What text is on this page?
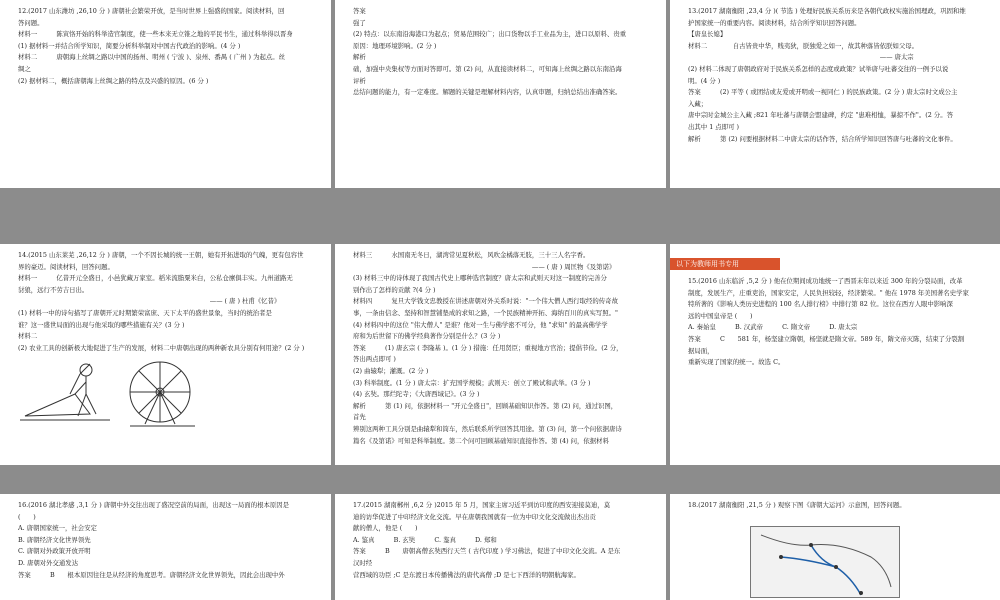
12.(2017 山东潍坊 ,26,10 分 ) 唐朝社会繁荣开放，是当时世界上强盛的国家。阅读材料，回
答问题。
材料一　　　陈寅恪开始的科举造官制度，使一些本来无立锥之地的平民书生，通过科举得以晋身
(1) 据材料一并结合所学知识，简要分析科举制对中国古代政治的影响。(4 分 )
材料二　　　唐朝海上丝绸之路以中国的扬州、明州 ( 宁波 )、泉州、番禺 ( 广州 ) 为起点。丝
绸之
(2) 据材料二，概括唐朝海上丝绸之路的特点及兴盛的原因。(6 分 )
答案
强了
(2) 特点：以东南沿海港口为起点；贸易范围较广；出口货物以手工业品为主，进口以原料、贵重
原因：地理环境影响。(2 分 )
解析
础，加强中央集权等方面对答即可。第 (2) 问，从直接读材料二，可知海上丝绸之路以东南沿海
评析
总结问题的能力，有一定难度。解题的关键是理解材料内容，认真审题，归纳总结出准确答案。
13.(2017 湖南衡阳 ,23,4 分 )( 节选 ) 处理好民族关系历来是各朝代政权实施治国理政，巩固和维
护国家统一的重要内容。阅读材料，结合所学知识回答问题。
【唐皇长媳】
材料二　　　　自古皆贵中华，贱夷狄，朕独爱之如一，故其种落皆依朕如父母。
　　　　　　　　　　　　　　　　　　　　　　　　　　　　　　—— 唐太宗
(2) 材料二体现了唐朝政府对于民族关系怎样的态度或政策？试举唐与吐蕃交往的一例予以说
明。(4 分 )
答案　　　(2) 平等 ( 或团结或友爱或开明或一视同仁 ) 的民族政策。(2 分 ) 唐太宗时文成公主
入藏；
唐中宗时金城公主入藏 ;821 年吐蕃与唐朝会盟建碑，约定 "患难相恤，暴掠不作"。(2 分。答
出其中 1 点即可 )
解析　　　第 (2) 问要根据材料二中唐太宗的话作答，结合所学知识回答唐与吐蕃的文化事件。
14.(2015 山东莱芜 ,26,12 分 ) 唐朝，一个不因长城的统一王朝，她有开拓进取的气魄，更有包容世
界的豪迈。阅读材料，回答问题。
材料一　　　亿昔开元全盛日，小邑犹藏万家室。稻米流脂粟米白，公私仓廪俱丰实。九州道路无
豺狼，远行不劳吉日出。
　　　　　　　　　　　　　　　　　　　　　　　　　　　　　　—— ( 唐 ) 杜甫《忆昔》
(1) 材料一中的诗句描写了唐朝开元时期繁荣富庶、天下太平的盛世景象，当时的统治者是
谁？这一盛世局面的出现与他采取的哪些措施有关？(3 分 )
材料二
(2) 农业工具的创新极大地促进了生产的发展，材料二中唐朝出现的两种新农具分别有何用途？(2 分 )
材料三　　　水国南无冬日，湖湾常见夏秋松，风吹金橘落无肢，三十三人名字香。
　　　　　　　　　　　　　　　　　　　　　　　　　　　　—— ( 唐 ) 周匡物《及第诺》
(3) 材料三中的诗体现了我国古代史上哪种选官制度？唐太宗和武则天对这一制度的完善分
别作出了怎样的贡献 ?(4 分 )
材料四　　　复旦大学钱文忠教授在讲述唐朝对外关系时说："一个伟大僧人西行取经的传奇故
事，一条由信念、坚持和智慧铺垫成的求知之路，一个民族精神开拓、海纳百川的真实写照。"
(4) 材料四中的这位 "伟大僧人" 是谁？他对一生与佛学密不可分，他 "求知" 的最高佛学学
府和为后世留下的佛学经典著作分别是什么？(3 分 )
答案　　　(1) 唐玄宗 ( 李隆基 )。(1 分 ) 措施：任用贤臣；重视地方官治；提倡节俭。(2 分，
答出两点即可 )
(2) 曲辕犁；灌溉。(2 分 )
(3) 科举制度。(1 分 ) 唐太宗：扩充国学规模；武则天：创立了殿试和武举。(3 分 )
(4) 玄奘。那烂陀寺；《大唐西域记》。(3 分 )
解析　　　第 (1) 问，依据材料一 "开元全盛日"，回顾基础知识作答。第 (2) 问，通过识图，
首先
辨别这两种工具分别是曲辕犁和筒车，然后联系所学回答其用途。第 (3) 问，第一个问依据唐诗
篇名《及第诺》可知是科举制度。第二个问可回顾基础知识直接作答。第 (4) 问，依据材料
以下为教师用书专用
15.(2016 山东临沂 ,5,2 分 ) 他在位期间成功地统一了西晋末年以来近 300 年的分裂局面，改革
制度，发展生产，庄重吏治，国家安定，人民负担较轻，经济繁荣。" 他在 1978 年美国著名史学家
特所著的《影响人类历史进程的 100 名人排行榜》中排行第 82 位。这位在西方人眼中影响深
远的中国皇帝是 (　　)
A. 秦始皇　　　B. 汉武帝　　　C. 隋文帝　　　D. 唐太宗
答案　　　C　　581 年，杨坚建立隋朝，杨坚就是隋文帝。589 年，隋文帝灭陈，结束了分裂割
据局面，
重新实现了国家的统一。故选 C。
16.(2016 湖北孝感 ,3,1 分 ) 唐朝中外交往出现了盛况空前的局面，出现这一局面的根本原因是
(　　)
A. 唐朝国家统一，社会安定
B. 唐朝经济文化世界领先
C. 唐朝对外政策开放开明
D. 唐朝对外交通发达
答案　　　B　　根本原因往往是从经济的角度思考。唐朝经济文化世界领先，因此会出现中外
17.(2015 湖南郴州 ,6,2 分 )2015 年 5 月，国家主席习近平到访印度的西安迎接莫迪，莫
迪的访华促进了中印经济文化交流。早在唐朝我国就有一位为中印文化交流做出杰出贡
献的僧人，他是 (　　)
A. 鉴真　　　B. 玄奘　　　C. 鉴真　　　D. 郑和
答案　　　B　　唐朝高僧玄奘西行天竺 ( 古代印度 ) 学习佛法，促进了中印文化交流。A 是东
汉时经
营西域的功臣 ;C 是东渡日本传播佛法的唐代高僧 ;D 是七下西洋的明朝航海家。
18.(2017 湖南衡阳 ,21,5 分 ) 观察下图《唐朝大运河》示意图，回答问题。
